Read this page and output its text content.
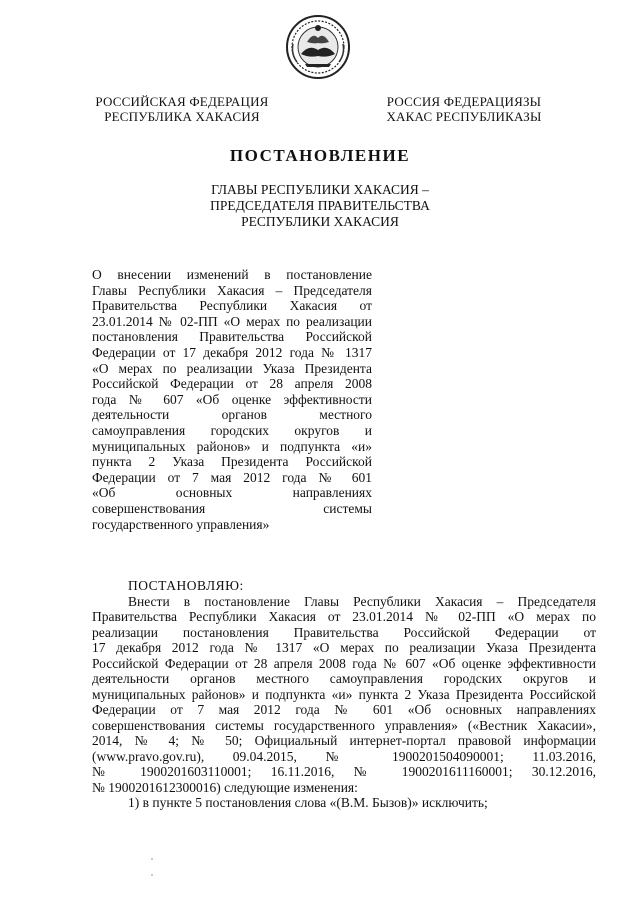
РОССИЙСКАЯ ФЕДЕРАЦИЯ
РЕСПУБЛИКА ХАКАСИЯ
РОССИЯ ФЕДЕРАЦИЯЗЫ
ХАКАС РЕСПУБЛИКАЗЫ
ПОСТАНОВЛЕНИЕ
ГЛАВЫ РЕСПУБЛИКИ ХАКАСИЯ –
ПРЕДСЕДАТЕЛЯ ПРАВИТЕЛЬСТВА
РЕСПУБЛИКИ ХАКАСИЯ
О внесении изменений в постановление
Главы Республики Хакасия – Председателя
Правительства Республики Хакасия от
23.01.2014 № 02-ПП «О мерах по реализации
постановления Правительства Российской
Федерации от 17 декабря 2012 года № 1317
«О мерах по реализации Указа Президента
Российской Федерации от 28 апреля 2008
года № 607 «Об оценке эффективности
деятельности органов местного
самоуправления городских округов и
муниципальных районов» и подпункта «и»
пункта 2 Указа Президента Российской
Федерации от 7 мая 2012 года № 601
«Об основных направлениях
совершенствования системы
государственного управления»
ПОСТАНОВЛЯЮ:
Внести в постановление Главы Республики Хакасия – Председателя
Правительства Республики Хакасия от 23.01.2014 № 02-ПП «О мерах по
реализации постановления Правительства Российской Федерации от
17 декабря 2012 года № 1317 «О мерах по реализации Указа Президента
Российской Федерации от 28 апреля 2008 года № 607 «Об оценке эффективности
деятельности органов местного самоуправления городских округов и
муниципальных районов» и подпункта «и» пункта 2 Указа Президента Российской
Федерации от 7 мая 2012 года № 601 «Об основных направлениях
совершенствования системы государственного управления» («Вестник Хакасии»,
2014, № 4; № 50; Официальный интернет-портал правовой информации
(www.pravo.gov.ru), 09.04.2015, № 1900201504090001; 11.03.2016,
№ 1900201603110001; 16.11.2016, № 1900201611160001; 30.12.2016,
№ 1900201612300016) следующие изменения:
1) в пункте 5 постановления слова «(В.М. Бызов)» исключить;
